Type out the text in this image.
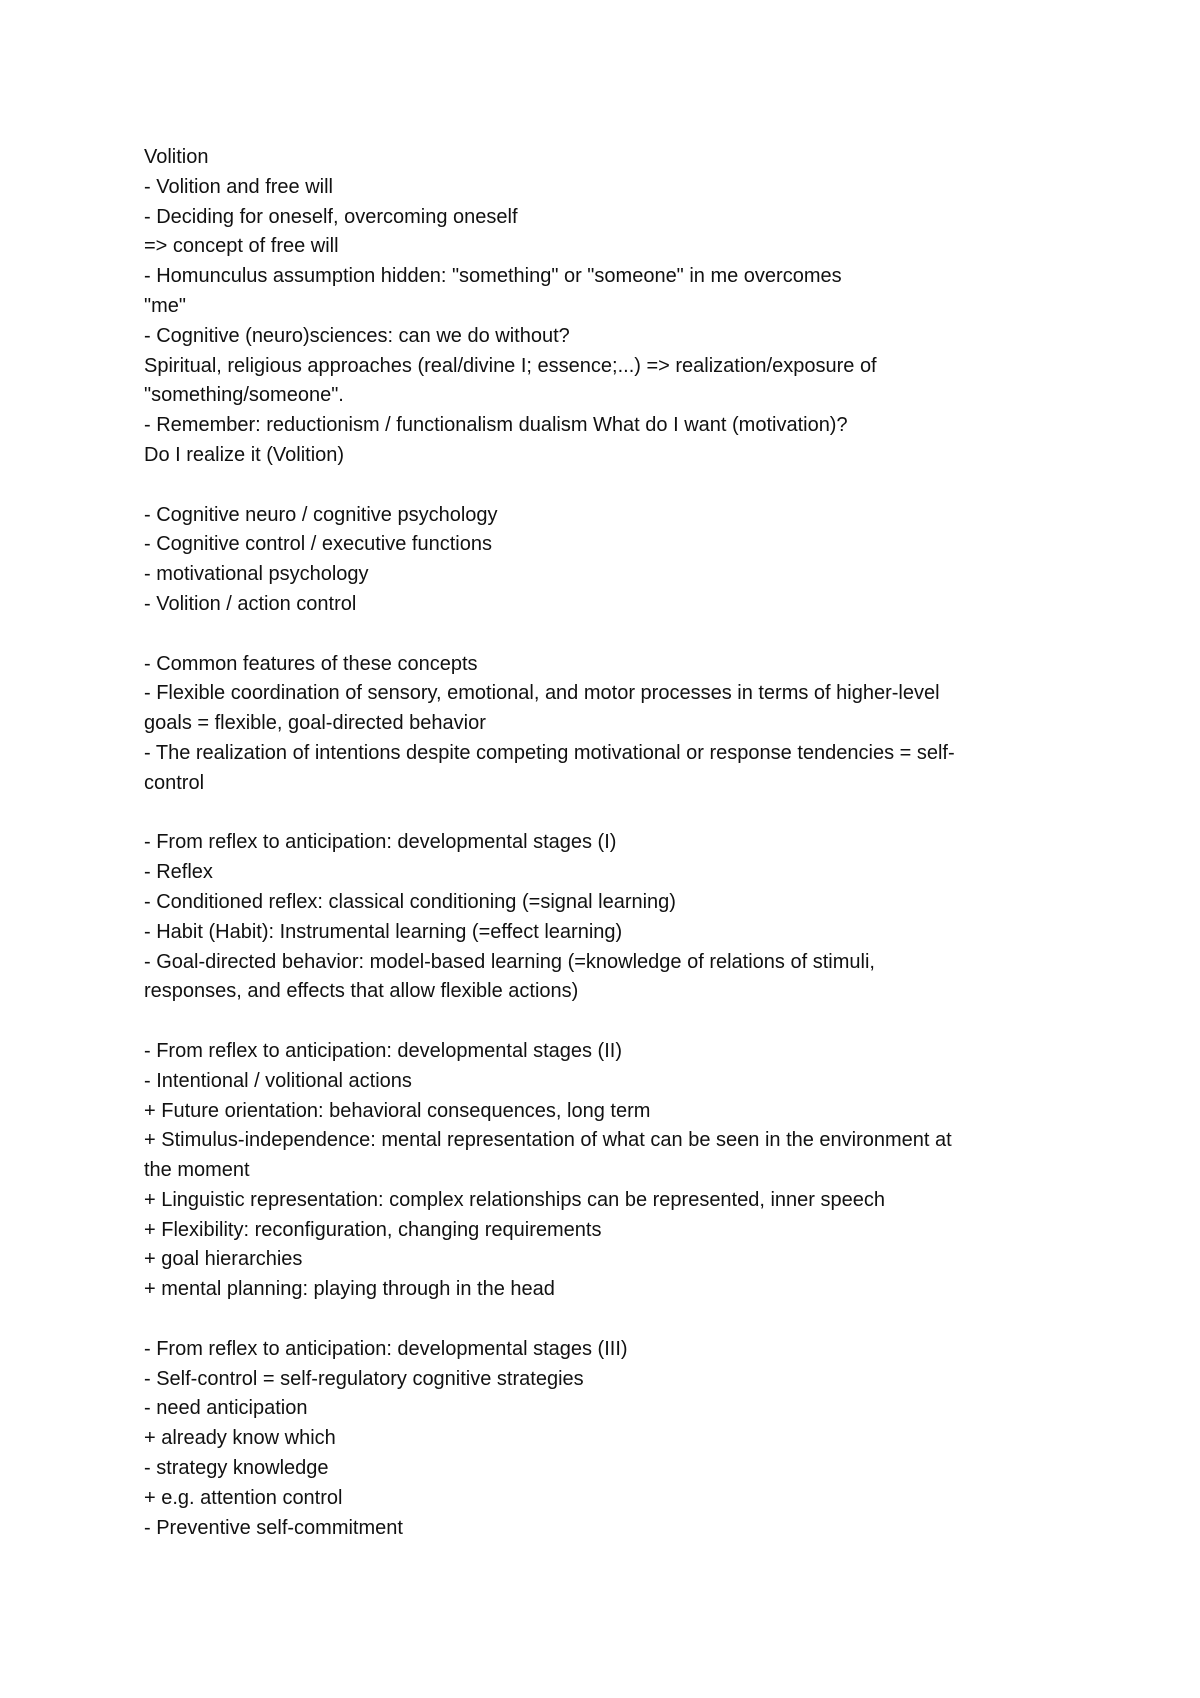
Volition
- Volition and free will
- Deciding for oneself, overcoming oneself
=> concept of free will
- Homunculus assumption hidden: "something" or "someone" in me overcomes
"me"
- Cognitive (neuro)sciences: can we do without?
Spiritual, religious approaches (real/divine I; essence;...) => realization/exposure of
"something/someone".
- Remember: reductionism / functionalism dualism What do I want (motivation)?
Do I realize it (Volition)
- Cognitive neuro / cognitive psychology
- Cognitive control / executive functions
- motivational psychology
- Volition / action control
- Common features of these concepts
- Flexible coordination of sensory, emotional, and motor processes in terms of higher-level
goals = flexible, goal-directed behavior
- The realization of intentions despite competing motivational or response tendencies = self-
control
- From reflex to anticipation: developmental stages (I)
- Reflex
- Conditioned reflex: classical conditioning (=signal learning)
- Habit (Habit): Instrumental learning (=effect learning)
- Goal-directed behavior: model-based learning (=knowledge of relations of stimuli,
responses, and effects that allow flexible actions)
- From reflex to anticipation: developmental stages (II)
- Intentional / volitional actions
+ Future orientation: behavioral consequences, long term
+ Stimulus-independence: mental representation of what can be seen in the environment at
the moment
+ Linguistic representation: complex relationships can be represented, inner speech
+ Flexibility: reconfiguration, changing requirements
+ goal hierarchies
+ mental planning: playing through in the head
- From reflex to anticipation: developmental stages (III)
- Self-control = self-regulatory cognitive strategies
- need anticipation
+ already know which
- strategy knowledge
+ e.g. attention control
- Preventive self-commitment
